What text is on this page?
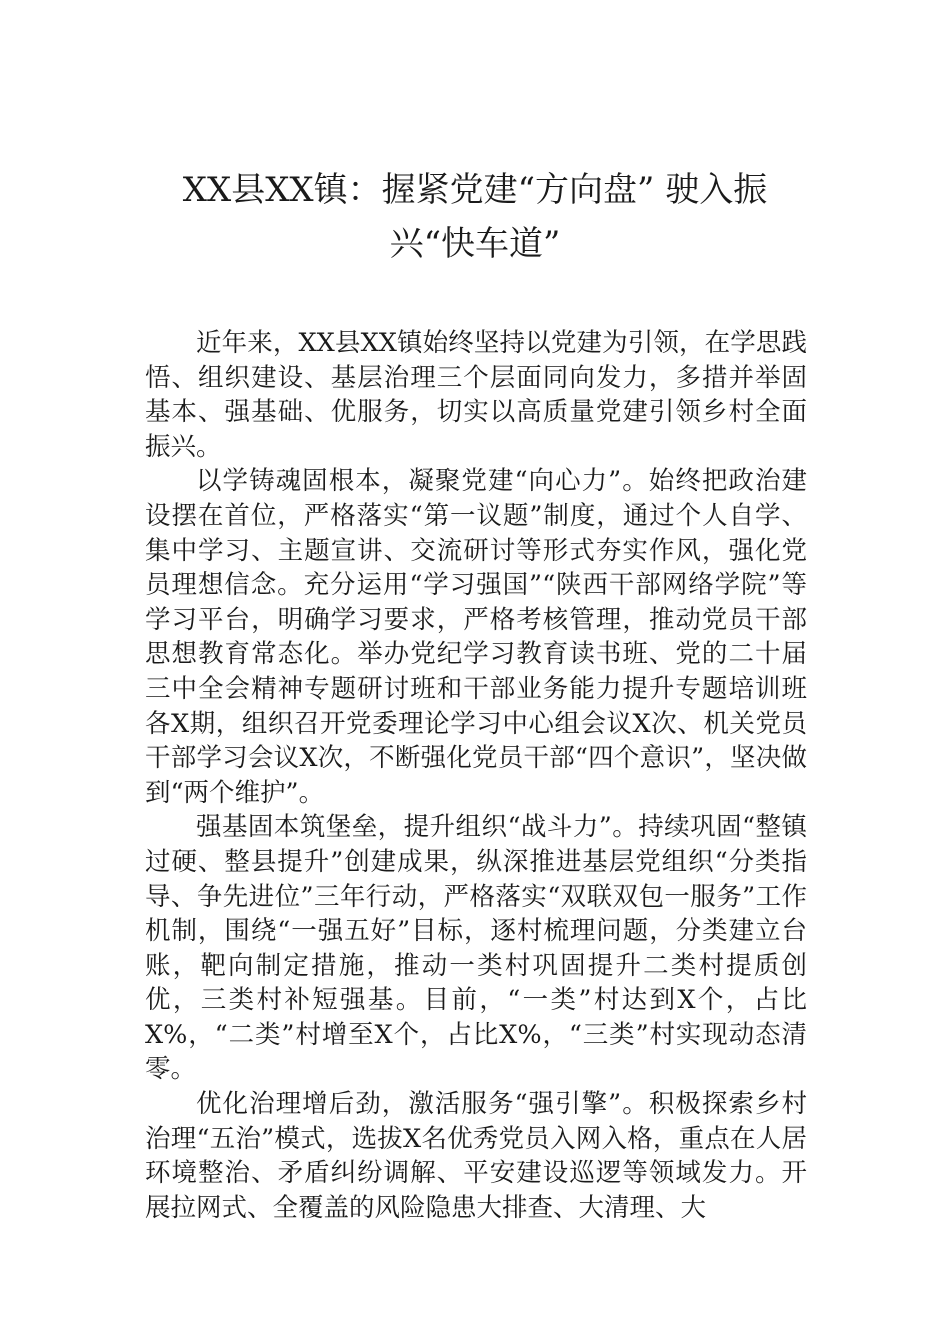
XX县XX镇：握紧党建“方向盘” 驶入振
兴“快车道”

近年来，XX县XX镇始终坚持以党建为引领，在学思践悟、组织建设、基层治理三个层面同向发力，多措并举固基本、强基础、优服务，切实以高质量党建引领乡村全面振兴。

以学铸魂固根本，凝聚党建“向心力”。始终把政治建设摆在首位，严格落实“第一议题”制度，通过个人自学、集中学习、主题宣讲、交流研讨等形式夯实作风，强化党员理想信念。充分运用“学习强国”“陕西干部网络学院”等学习平台，明确学习要求，严格考核管理，推动党员干部思想教育常态化。举办党纪学习教育读书班、党的二十届三中全会精神专题研讨班和干部业务能力提升专题培训班各X期，组织召开党委理论学习中心组会议X次、机关党员干部学习会议X次，不断强化党员干部“四个意识”，坚决做到“两个维护”。

强基固本筑堡垒，提升组织“战斗力”。持续巩固“整镇过硬、整县提升”创建成果，纵深推进基层党组织“分类指导、争先进位”三年行动，严格落实“双联双包一服务”工作机制，围绕“一强五好”目标，逐村梳理问题，分类建立台账，靶向制定措施，推动一类村巩固提升二类村提质创优，三类村补短强基。目前，“一类”村达到X个，占比X%，“二类”村增至X个，占比X%，“三类”村实现动态清零。

优化治理增后劲，激活服务“强引擎”。积极探索乡村治理“五治”模式，选拔X名优秀党员入网入格，重点在人居环境整治、矛盾纠纷调解、平安建设巡逻等领域发力。开展拉网式、全覆盖的风险隐患大排查、大清理、大
